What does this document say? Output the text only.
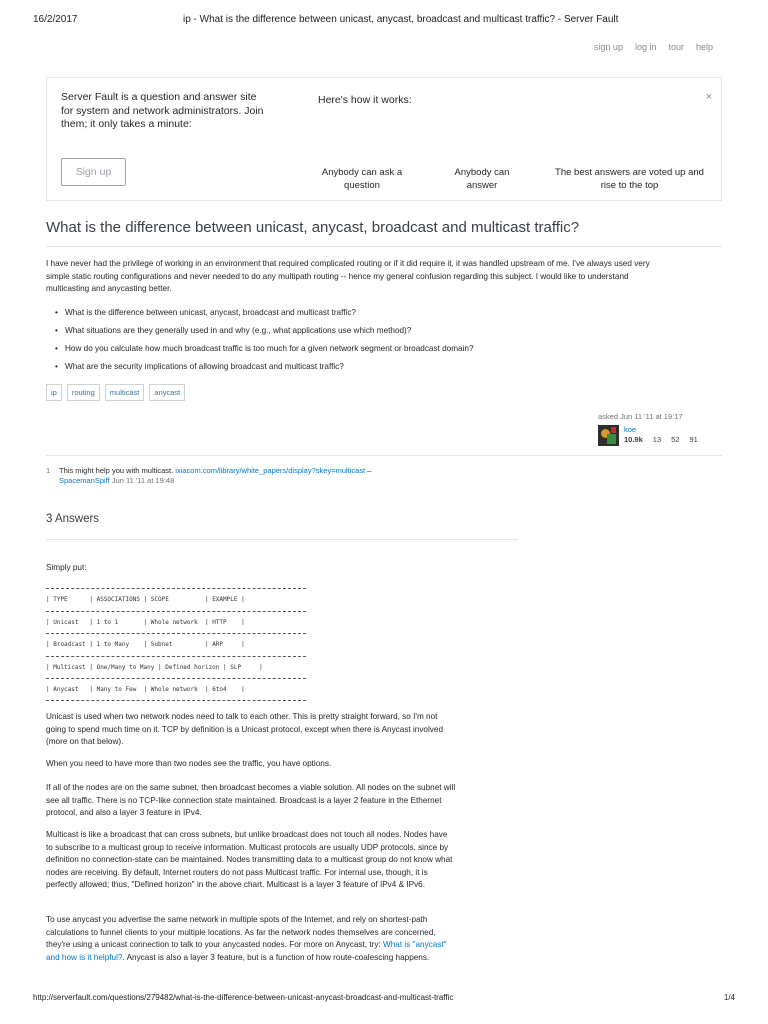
16/2/2017	ip - What is the difference between unicast, anycast, broadcast and multicast traffic? - Server Fault
sign up log in tour help
Server Fault is a question and answer site for system and network administrators. Join them; it only takes a minute:
Sign up
Here's how it works:	×
Anybody can ask a question
Anybody can answer
The best answers are voted up and rise to the top
What is the difference between unicast, anycast, broadcast and multicast traffic?
I have never had the privilege of working in an environment that required complicated routing or if it did require it, it was handled upstream of me. I've always used very simple static routing configurations and never needed to do any multipath routing -- hence my general confusion regarding this subject. I would like to understand multicasting and anycasting better.
• What is the difference between unicast, anycast, broadcast and multicast traffic?
• What situations are they generally used in and why (e.g., what applications use which method)?
• How do you calculate how much broadcast traffic is too much for a given network segment or broadcast domain?
• What are the security implications of allowing broadcast and multicast traffic?
ip	routing	multicast	anycast
asked Jun 11 '11 at 19:17
koe
10.9k 13 52 91
1 This might help you with multicast. ixiacom.com/library/white_papers/display?skey=multicast –
SpacemanSpiff Jun 11 '11 at 19:48
3 Answers
Simply put:
| TYPE | ASSOCIATIONS | SCOPE | EXAMPLE |
| Unicast | 1 to 1 | Whole network | HTTP    |
| Broadcast | 1 to Many | Subnet | ARP     |
| Multicast | One/Many to Many | Defined horizon | SLP     |
| Anycast | Many to Few | Whole network | 6to4    |

Unicast is used when two network nodes need to talk to each other. This is pretty straight forward, so I'm not going to spend much time on it. TCP by definition is a Unicast protocol, except when there is Anycast involved (more on that below).

When you need to have more than two nodes see the traffic, you have options.

If all of the nodes are on the same subnet, then broadcast becomes a viable solution. All nodes on the subnet will see all traffic. There is no TCP-like connection state maintained. Broadcast is a layer 2 feature in the Ethernet protocol, and also a layer 3 feature in IPv4.

Multicast is like a broadcast that can cross subnets, but unlike broadcast does not touch all nodes. Nodes have to subscribe to a multicast group to receive information. Multicast protocols are usually UDP protocols, since by definition no connection-state can be maintained. Nodes transmitting data to a multicast group do not know what nodes are receiving. By default, Internet routers do not pass Multicast traffic. For internal use, though, it is perfectly allowed; thus, "Defined horizon" in the above chart. Multicast is a layer 3 feature of IPv4 & IPv6.

To use anycast you advertise the same network in multiple spots of the Internet, and rely on shortest-path calculations to funnel clients to your multiple locations. As far the network nodes themselves are concerned, they're using a unicast connection to talk to your anycasted nodes. For more on Anycast, try: What is "anycast" and how is it helpful?. Anycast is also a layer 3 feature, but is a function of how route-coalescing happens.

http://serverfault.com/questions/279482/what-is-the-difference-between-unicast-anycast-broadcast-and-multicast-traffic	1/4
